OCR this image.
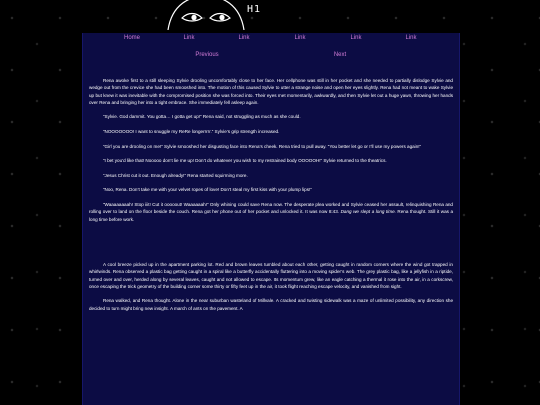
H1
Home	Link	Link	Link	Link	Link
Previous	Next

Rena awoke first to a still sleeping Sylvie drooling uncomfortably close to her face. Her cellphone was still in her pocket and she needed to partially dislodge Sylvie and wedge out from the crevice she had been smooshed into. The motion of this caused Sylvie to utter a strange noise and open her eyes slightly. Rena had not meant to wake Sylvie up but knew it was inevitable with the compromised position she was forced into. Their eyes met momentarily, awkwardly, and then Sylvie let out a huge yawn, throwing her hands over Rena and bringing her into a tight embrace. She immediately fell asleep again.

“Sylvie. God dammit. You gotta… I gotta get up!” Rena said, not struggling as much as she could.

“NOOOOOOO! I want to snuggle my ReRe longerrrrr.” Sylvie’s grip strength increased.

“Girl you are drooling on me!” Sylvie smooshed her disgusting face into Rena’s cheek. Rena tried to pull away. “You better let go or I’ll use my powers again!”

“I bet you’d like that! Nooooo don’t lie me up! Don’t do whatever you wish to my restrained body OOOOOH!” Sylvie returned to the theatrics.

“Jesus Christ cut it out. Enough already!” Rena started squirming more.

“Noo, Rena. Don’t take me with your velvet ropes of love! Don’t steal my first kiss with your plump lips!”

“Waaaaaaaah! Stop iiit! Cut it ooooout! Waaaaaah!” Only whining could save Rena now. The desperate plea worked and Sylvie ceased her assault, relinquishing Rena and rolling over to land on the floor beside the couch. Rena got her phone out of her pocket and unlocked it. It was now 8:43. Dang we slept a long time. Rena thought. Still it was a long time before work.

A cool breeze picked up in the apartment parking lot. Red and brown leaves tumbled about each other, getting caught in random corners where the wind got trapped in whirlwinds. Rena observed a plastic bag getting caught in a spiral like a butterfly accidentally fluttering into a moving spider’s web. The grey plastic bag, like a jellyfish in a riptide, turned over and over, herded along by several leaves, caught and not allowed to escape. Its momentum grew, like an eagle catching a thermal it rose into the air, in a corkscrew, once escaping the trick geometry of the building corner some thirty or fifty feet up in the air, it took flight reaching escape velocity, and vanished from sight.

Rena walked, and Rena thought. Alone in the near suburban wasteland of Millvale. A cracked and twisting sidewalk was a maze of unlimited possibility, any direction she decided to turn might bring new insight. A march of ants on the pavement. A
